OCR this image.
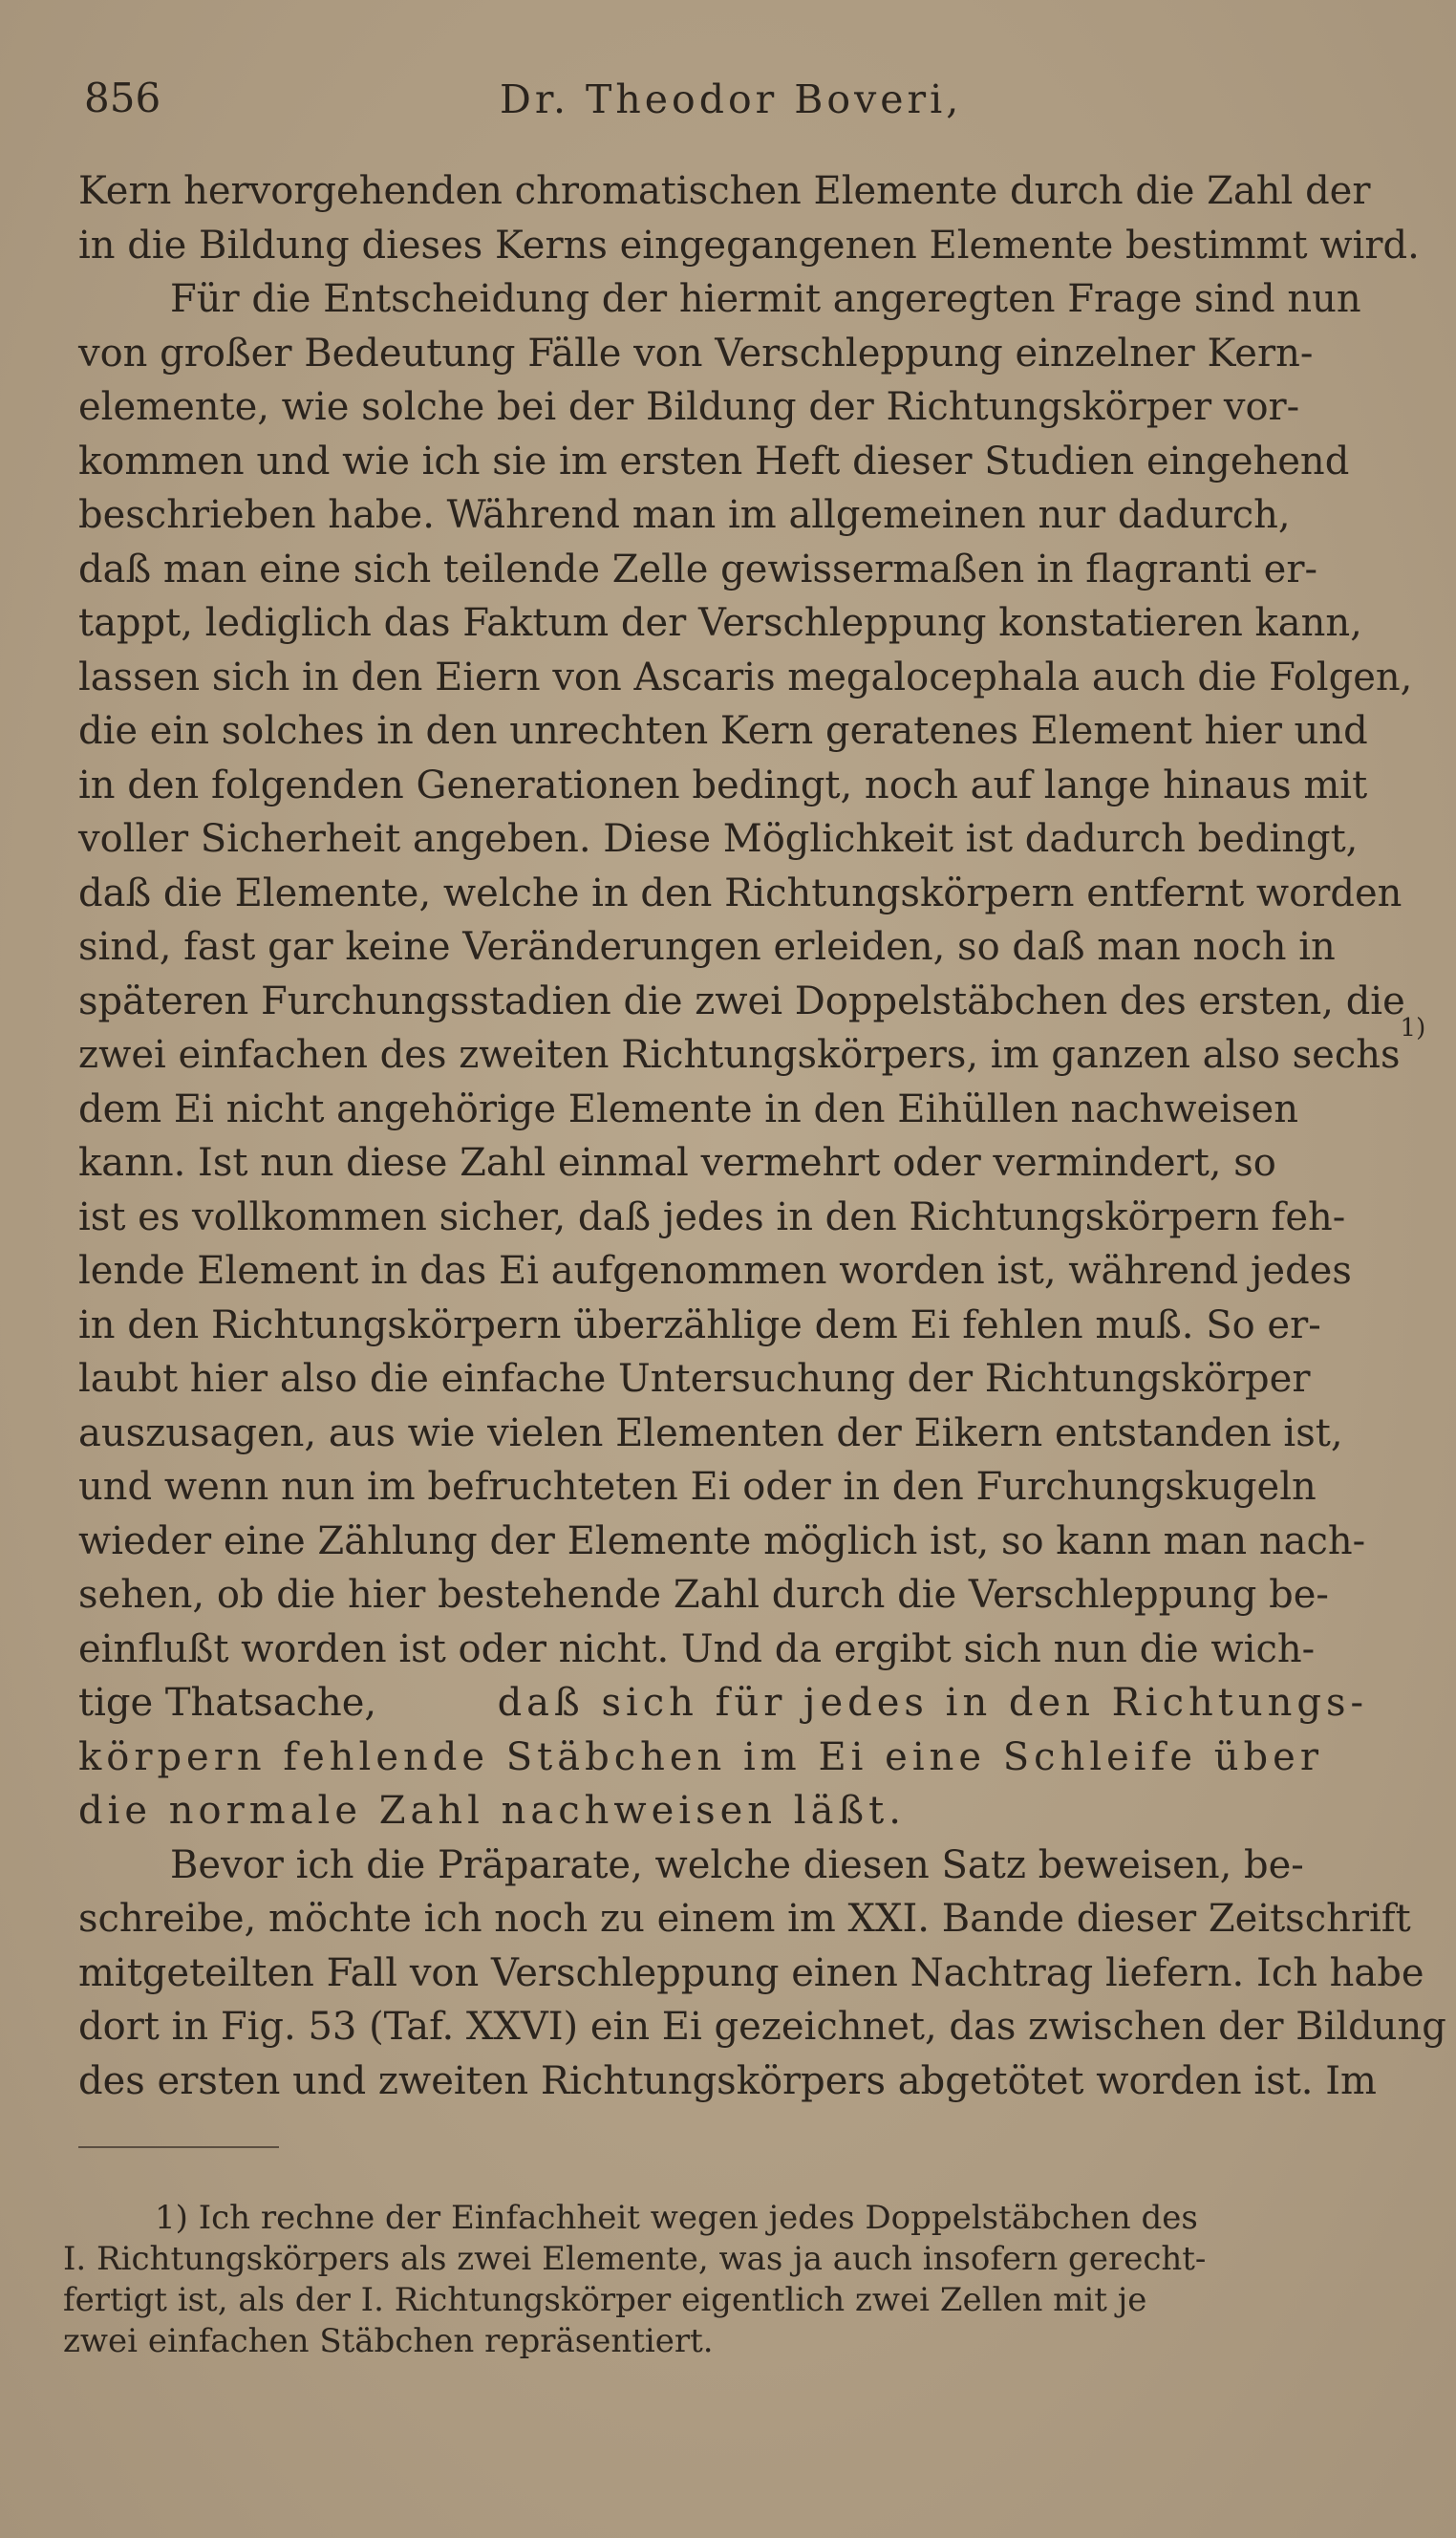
856	Dr. Theodor Boveri,
Kern hervorgehenden chromatischen Elemente durch die Zahl der
in die Bildung dieses Kerns eingegangenen Elemente bestimmt wird.
Für die Entscheidung der hiermit angeregten Frage sind nun
von großer Bedeutung Fälle von Verschleppung einzelner Kern-
elemente, wie solche bei der Bildung der Richtungskörper vor-
kommen und wie ich sie im ersten Heft dieser Studien eingehend
beschrieben habe. Während man im allgemeinen nur dadurch,
daß man eine sich teilende Zelle gewissermaßen in flagranti er-
tappt, lediglich das Faktum der Verschleppung konstatieren kann,
lassen sich in den Eiern von Ascaris megalocephala auch die Folgen,
die ein solches in den unrechten Kern geratenes Element hier und
in den folgenden Generationen bedingt, noch auf lange hinaus mit
voller Sicherheit angeben. Diese Möglichkeit ist dadurch bedingt,
daß die Elemente, welche in den Richtungskörpern entfernt worden
sind, fast gar keine Veränderungen erleiden, so daß man noch in
späteren Furchungsstadien die zwei Doppelstäbchen des ersten, die
zwei einfachen des zweiten Richtungskörpers, im ganzen also sechs
1)
dem Ei nicht angehörige Elemente in den Eihüllen nachweisen
kann. Ist nun diese Zahl einmal vermehrt oder vermindert, so
ist es vollkommen sicher, daß jedes in den Richtungskörpern feh-
lende Element in das Ei aufgenommen worden ist, während jedes
in den Richtungskörpern überzählige dem Ei fehlen muß. So er-
laubt hier also die einfache Untersuchung der Richtungskörper
auszusagen, aus wie vielen Elementen der Eikern entstanden ist,
und wenn nun im befruchteten Ei oder in den Furchungskugeln
wieder eine Zählung der Elemente möglich ist, so kann man nach-
sehen, ob die hier bestehende Zahl durch die Verschleppung be-
einflußt worden ist oder nicht. Und da ergibt sich nun die wich-
tige Thatsache,	daß sich für jedes in den Richtungs-
körpern fehlende Stäbchen im Ei eine Schleife über
die normale Zahl nachweisen läßt.
Bevor ich die Präparate, welche diesen Satz beweisen, be-
schreibe, möchte ich noch zu einem im XXI. Bande dieser Zeitschrift
mitgeteilten Fall von Verschleppung einen Nachtrag liefern. Ich habe
dort in Fig. 53 (Taf. XXVI) ein Ei gezeichnet, das zwischen der Bildung
des ersten und zweiten Richtungskörpers abgetötet worden ist. Im
1) Ich rechne der Einfachheit wegen jedes Doppelstäbchen des
I. Richtungskörpers als zwei Elemente, was ja auch insofern gerecht-
fertigt ist, als der I. Richtungskörper eigentlich zwei Zellen mit je
zwei einfachen Stäbchen repräsentiert.
